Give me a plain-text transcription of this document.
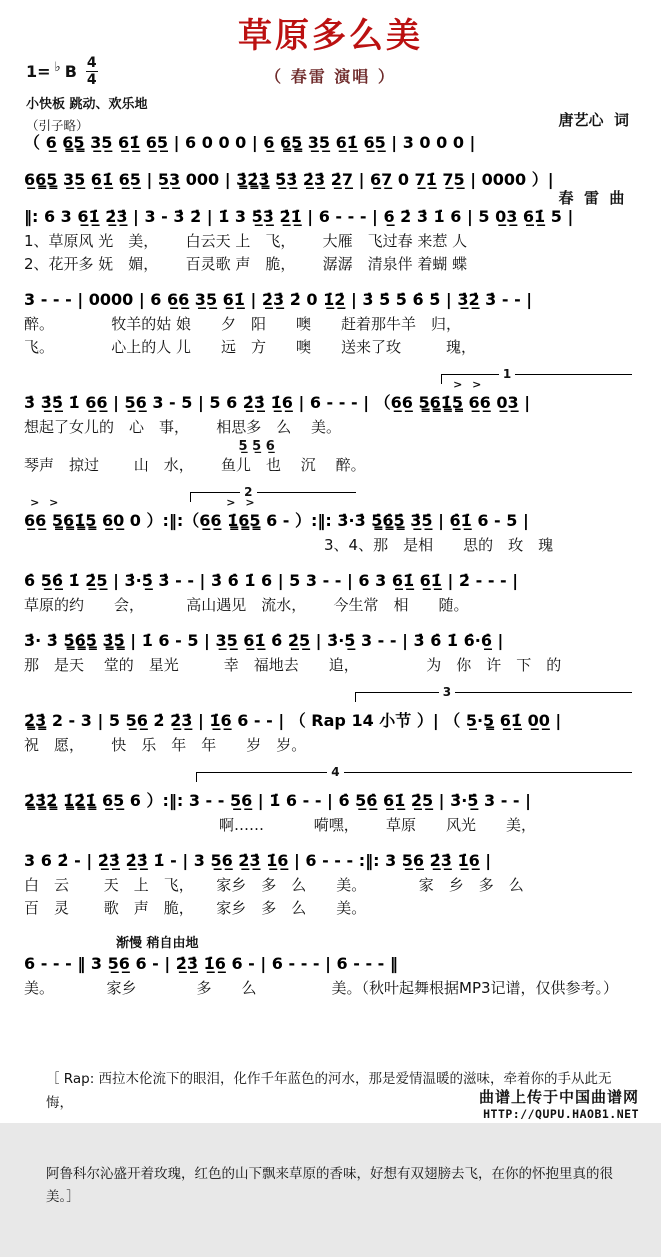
草原多么美
（ 春雷 演唱 ）

唐艺心  词

春  雷  曲

1= ♭ B $\frac{4}{4}$
小快板 跳动、欢乐地
（引子略）
（ 6̲ 6̳5̳ 3̲5̲ 6̲1̲̇ 6̲5̲ | 6 0 0 0 | 6̲ 6̳5̳ 3̲5̲ 6̲1̲̇ 6̲5̲ | 3 0 0 0 |
6̲6̳5̳ 3̲5̲ 6̲1̲̇ 6̲5̲ | 5̲3̲ 000 | 3̳̇2̳̇3̳̇ 5̲̇3̲̇ 2̲̇3̲̇ 2̲̇7̲ | 6̲7̲ 0 7̲1̲̇ 7̲5̲ | 0000 ）|
‖: 6 3 6̲1̲̇ 2̲̇3̲̇ | 3 - 3̇ 2̇ | 1̇ 3 5̲̇3̲̇ 2̲̇1̲̇ | 6 - - - | 6̲ 2̇ 3̇ 1̇ 6 | 5 0̲3̲ 6̲1̲̇ 5 |
1、草原风 光　美，　　 白云天 上　飞，　　 大雁　飞过春 来惹 人
2、花开多 妩　媚，　　 百灵歌 声　脆，　　 潺潺　清泉伴 着蝴 蝶
3 - - - | 0000 | 6 6̲6̲ 3̲5̲ 6̲1̲̇ | 2̲̇3̲̇ 2̇ 0 1̲̇2̲̇ | 3̇ 5̇ 5̇ 6̇ 5̇ | 3̲̇2̲̇ 3̇ - - |
醉。　　　　 牧羊的姑 娘　　夕　阳　　噢　　赶着那牛羊　归，
飞。　　　　 心上的人 儿　　远　方　　噢　　送来了玫　　　瑰，
1
> >
3̇ 3̲̇5̲̇ 1̇ 6̲6̲ | 5̲6̲ 3 - 5 | 5 6 2̲̇3̲̇ 1̲̇6̲ | 6 - - - | （6̲6̲ 5̳6̳1̳̇5̳ 6̲6̲ 0̲3̲ |
想起了女儿的　心　事，　　 相思多　么　 美。
5̲ 5̲ 6̲
琴声　掠过　　 山　水，　　 鱼儿　也　 沉　 醉。
> >
2
> >
6̲6̲ 5̳6̳1̳̇5̳ 6̲0̲ 0 ）:‖:（6̲6̲ 1̳̇6̳5̳ 6 - ）:‖: 3̇·3̇ 5̳̇6̳̇5̳̇ 3̲̇5̲̇ | 6̲̇1̲̇ 6 - 5 |
　　　　　　　　　　　　　　　　　　　　3、4、那　是相　　思的　玫　瑰
6̇ 5̲6̲̇ 1̇ 2̲̇5̲ | 3̇·5̲̇ 3̇ - - | 3̇ 6̇ 1̇ 6 | 5 3 - - | 6 3 6̲1̲̇ 6̲1̲̇ | 2̇ - - - |
草原的约　　会，　　　 高山遇见　流水，　　 今生常　相　　随。
3̇· 3̇ 5̳̇6̳̇5̳̇ 3̳̇5̳̇ | 1̇ 6 - 5 | 3̲5̲ 6̲1̲̇ 6̇ 2̲̇5̲ | 3̇·5̲̇ 3 - - | 3̇ 6̇ 1̇ 6̇·6̲̇ |
那　是天　 堂的　星光　　　幸　福地去　　追，　　　　　为　你　许　下　的
3
2̳̇3̳̇ 2 - 3 | 5 5̲6̲ 2̇ 2̲̇3̲̇ | 1̲̇6̲ 6 - - | （ Rap 14 小节 ）| （ 5̲·5̳ 6̲1̲̇ 0̲0̲ |
祝　愿，　　 快　乐　年　年　　岁　岁。
4
2̳̇3̳̇2̳̇ 1̳̇2̳̇1̳̇ 6̲5̲ 6 ）:‖: 3 - - 5̲6̲ | 1̇ 6 - - | 6̇ 5̲6̲̇ 6̲1̲̇ 2̲̇5̲ | 3̇·5̲̇ 3 - - |
　　　　　　　　　　　　　啊……　　　 嗬嘿，　　 草原　　风光　　美，
3 6 2̇ - | 2̲̇3̲̇ 2̲̇3̲̇ 1̇ - | 3 5̲6̲ 2̲̇3̲̇ 1̲̇6̲ | 6 - - - :‖: 3 5̲6̲ 2̲̇3̲̇ 1̲̇6̲ |
白　云　　 天　上　飞，　　家乡　多　么　　美。　　　　家　乡　多　么
百　灵　　 歌　声　脆，　　家乡　多　么　　美。
渐慢 稍自由地
6 - - - ‖ 3 5̲6̲ 6 - | 2̲̇3̲̇ 1̲̇6̲ 6 - | 6 - - - | 6 - - - ‖
美。　　　　家乡　　　　多　　么　　　　　美。（秋叶起舞根据MP3记谱，仅供参考。）

［ Rap: 西拉木伦流下的眼泪，化作千年蓝色的河水，那是爱情温暖的滋味，牵着你的手从此无悔，

阿鲁科尔沁盛开着玫瑰，红色的山下飘来草原的香味，好想有双翅膀去飞，在你的怀抱里真的很美。］

曲谱上传于中国曲谱网
HTTP://QUPU.HAOB1.NET
